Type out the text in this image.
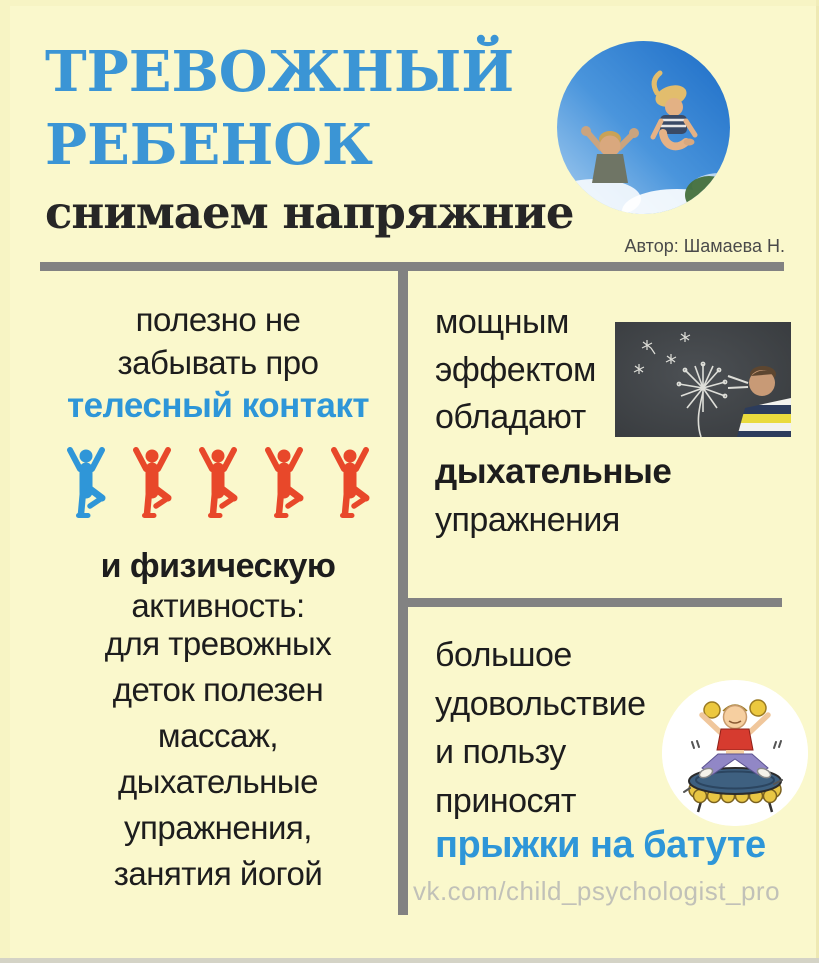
ТРЕВОЖНЫЙ
РЕБЕНОК
снимаем напряжние
Автор: Шамаева Н.
полезно не
забывать про
телесный контакт
и физическую
активность:
для тревожных
деток полезен
массаж,
дыхательные
упражнения,
занятия йогой
мощным
эффектом
обладают
дыхательные
упражнения
большое
удовольствие
и пользу
приносят
прыжки на батуте
vk.com/child_psychologist_pro
